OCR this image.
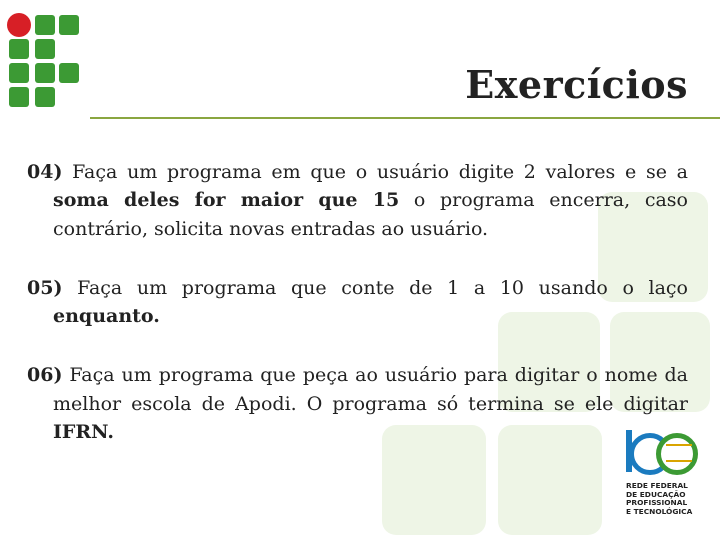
Exercícios

04) Faça um programa em que o usuário digite 2 valores e se a soma deles for maior que 15 o programa encerra, caso contrário, solicita novas entradas ao usuário.

05) Faça um programa que conte de 1 a 10 usando o laço enquanto.

06) Faça um programa que peça ao usuário para digitar o nome da melhor escola de Apodi. O programa só termina se ele digitar IFRN.

REDE FEDERAL
DE EDUCAÇÃO
PROFISSIONAL
E TECNOLÓGICA
